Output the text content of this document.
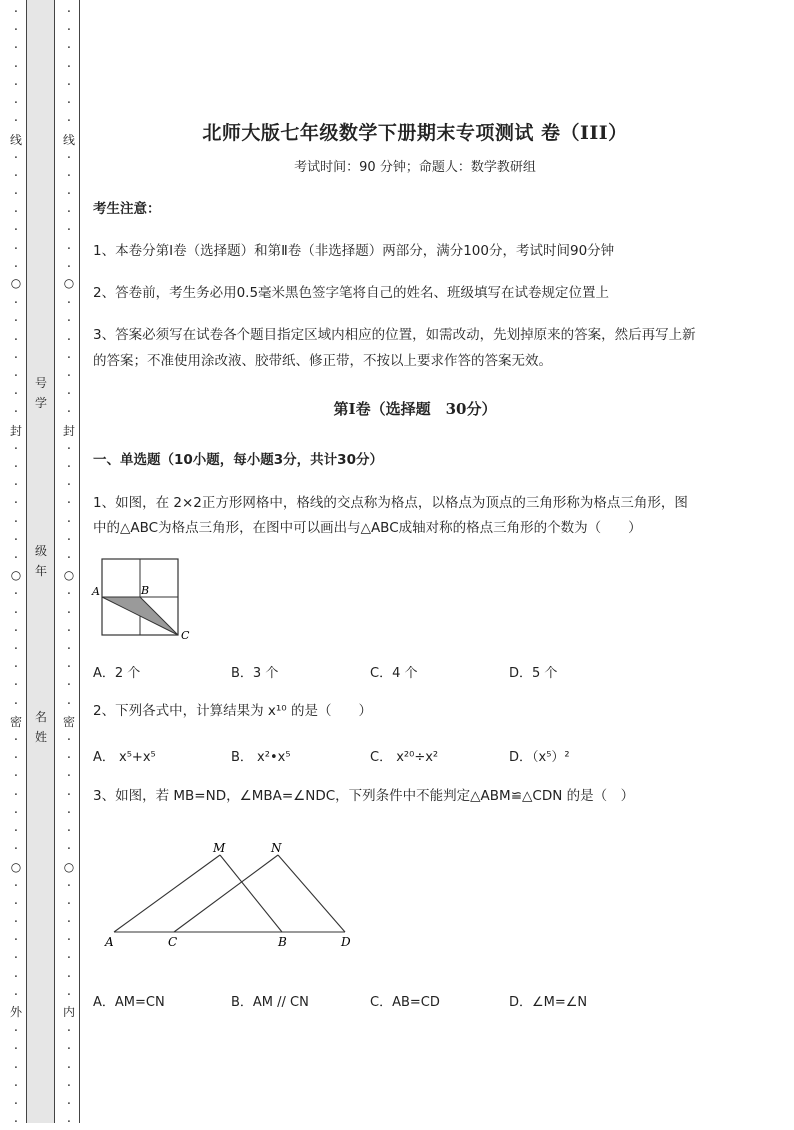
线
○
封
○
密
○
外
·
·
·
·
·
·
·
·
·
·
·
·
·
·
·
·
·
·
·
·
·
·
·
·
·
·
·
·
·
·
·
·
·
·
·
·
·
·
·
·
·
·
·
·
·
·
·
·
·
·
·
·
·
·
·
线
○
封
○
密
○
内
·
·
·
·
·
·
·
·
·
·
·
·
·
·
·
·
·
·
·
·
·
·
·
·
·
·
·
·
·
·
·
·
·
·
·
·
·
·
·
·
·
·
·
·
·
·
·
·
·
·
·
·
·
·
·
号
学
级
年
名
姓
北师大版七年级数学下册期末专项测试 卷（III）
考试时间：90 分钟；命题人：数学教研组
考生注意：
1、本卷分第Ⅰ卷（选择题）和第Ⅱ卷（非选择题）两部分，满分100分，考试时间90分钟
2、答卷前，考生务必用0.5毫米黑色签字笔将自己的姓名、班级填写在试卷规定位置上
3、答案必须写在试卷各个题目指定区域内相应的位置，如需改动，先划掉原来的答案，然后再写上新
的答案；不准使用涂改液、胶带纸、修正带，不按以上要求作答的答案无效。
第Ⅰ卷（选择题　30分）
一、单选题（10小题，每小题3分，共计30分）
1、如图，在 2×2正方形网格中，格线的交点称为格点，以格点为顶点的三角形称为格点三角形，图
中的△ABC为格点三角形，在图中可以画出与△ABC成轴对称的格点三角形的个数为（　　）
A	B
C
A．2 个	B．3 个	C．4 个	D．5 个
2、下列各式中，计算结果为 x¹⁰ 的是（　　）
A． x⁵+x⁵	B． x²•x⁵	C． x²⁰÷x²	D．（x⁵）²
3、如图，若 MB=ND，∠MBA=∠NDC，下列条件中不能判定△ABM≌△CDN 的是（　）
A	C	B	D
M	N
A．AM=CN	B．AM // CN	C．AB=CD	D．∠M=∠N
